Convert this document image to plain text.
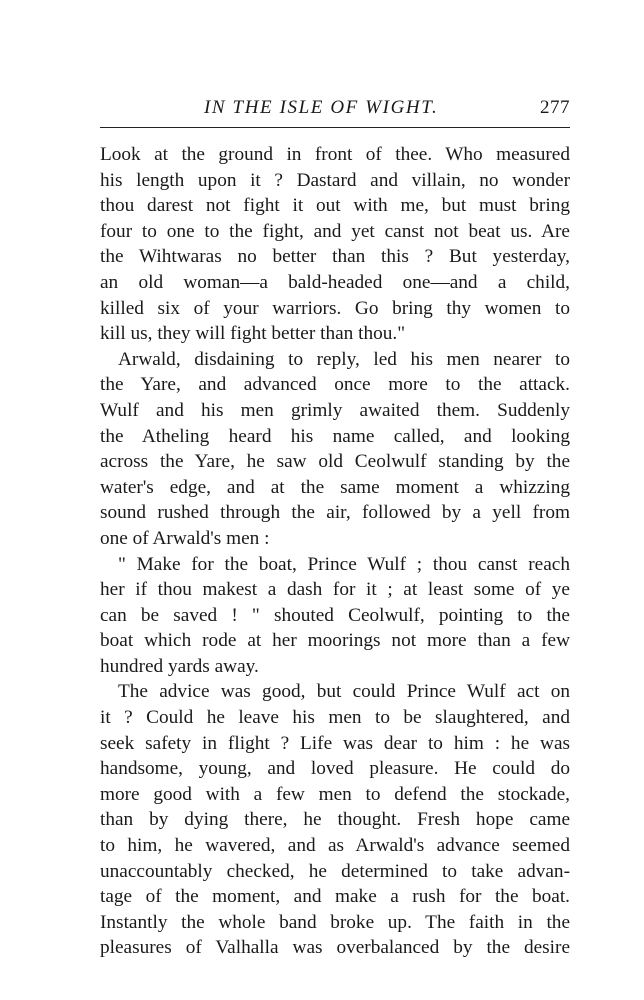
IN THE ISLE OF WIGHT.	277
Look at the ground in front of thee. Who measured
his length upon it ? Dastard and villain, no wonder
thou darest not fight it out with me, but must bring
four to one to the fight, and yet canst not beat us. Are
the Wihtwaras no better than this ? But yesterday,
an old woman—a bald-headed one—and a child,
killed six of your warriors. Go bring thy women to
kill us, they will fight better than thou."
Arwald, disdaining to reply, led his men nearer to
the Yare, and advanced once more to the attack.
Wulf and his men grimly awaited them. Suddenly
the Atheling heard his name called, and looking
across the Yare, he saw old Ceolwulf standing by the
water's edge, and at the same moment a whizzing
sound rushed through the air, followed by a yell from
one of Arwald's men :
" Make for the boat, Prince Wulf ; thou canst reach
her if thou makest a dash for it ; at least some of ye
can be saved ! " shouted Ceolwulf, pointing to the
boat which rode at her moorings not more than a few
hundred yards away.
The advice was good, but could Prince Wulf act on
it ? Could he leave his men to be slaughtered, and
seek safety in flight ? Life was dear to him : he was
handsome, young, and loved pleasure. He could do
more good with a few men to defend the stockade,
than by dying there, he thought. Fresh hope came
to him, he wavered, and as Arwald's advance seemed
unaccountably checked, he determined to take advan-
tage of the moment, and make a rush for the boat.
Instantly the whole band broke up. The faith in the
pleasures of Valhalla was overbalanced by the desire
